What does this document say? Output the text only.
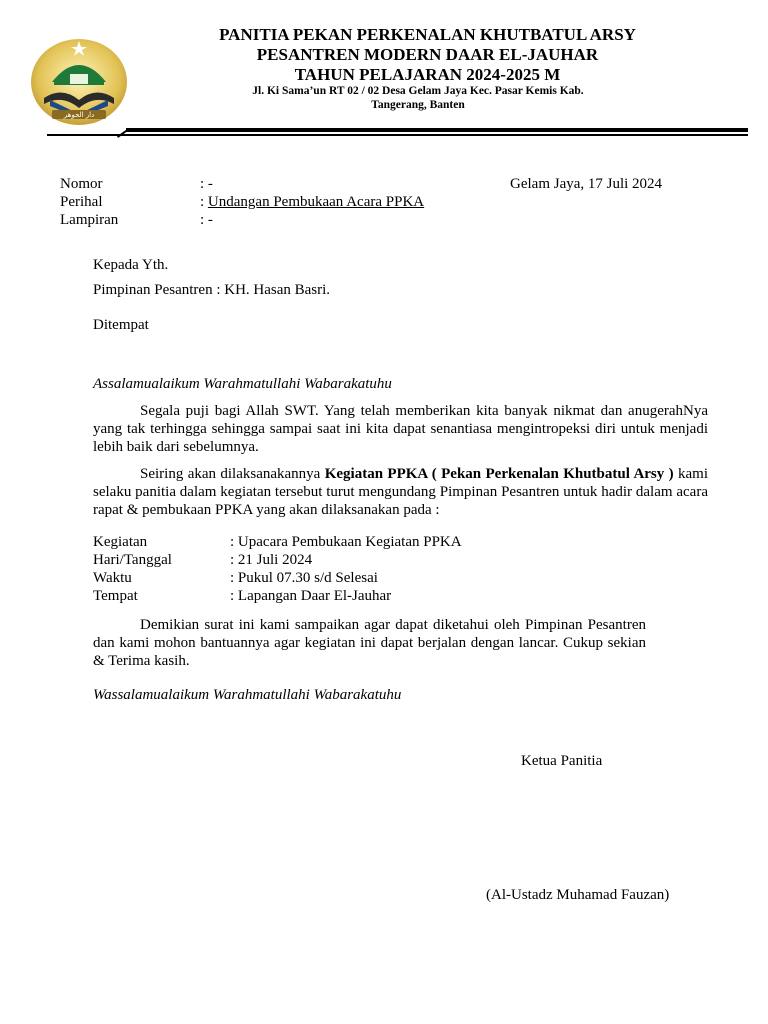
دار الجوهر
PANITIA PEKAN PERKENALAN KHUTBATUL ARSY
PESANTREN MODERN DAAR EL-JAUHAR
TAHUN PELAJARAN 2024-2025 M
Jl. Ki Sama’un RT 02 / 02 Desa Gelam Jaya Kec. Pasar Kemis Kab.
Tangerang, Banten
Nomor	: -	Gelam Jaya, 17 Juli 2024
Perihal	: Undangan Pembukaan Acara PPKA
Lampiran	: -
Kepada Yth.
Pimpinan Pesantren : KH. Hasan Basri.
Ditempat
Assalamualaikum Warahmatullahi Wabarakatuhu
Segala puji bagi Allah SWT. Yang telah memberikan kita banyak nikmat dan anugerahNya yang tak terhingga sehingga sampai saat ini kita dapat senantiasa mengintropeksi diri untuk menjadi lebih baik dari sebelumnya.
Seiring akan dilaksanakannya Kegiatan PPKA ( Pekan Perkenalan Khutbatul Arsy ) kami selaku panitia dalam kegiatan tersebut turut mengundang Pimpinan Pesantren untuk hadir dalam acara rapat & pembukaan PPKA yang akan dilaksanakan pada :
Kegiatan	: Upacara Pembukaan Kegiatan PPKA
Hari/Tanggal	: 21 Juli 2024
Waktu	: Pukul 07.30 s/d Selesai
Tempat	: Lapangan Daar El-Jauhar
Demikian surat ini kami sampaikan agar dapat diketahui oleh Pimpinan Pesantren dan kami mohon bantuannya agar kegiatan ini dapat berjalan dengan lancar. Cukup sekian & Terima kasih.
Wassalamualaikum Warahmatullahi Wabarakatuhu
Ketua Panitia
(Al-Ustadz Muhamad Fauzan)
